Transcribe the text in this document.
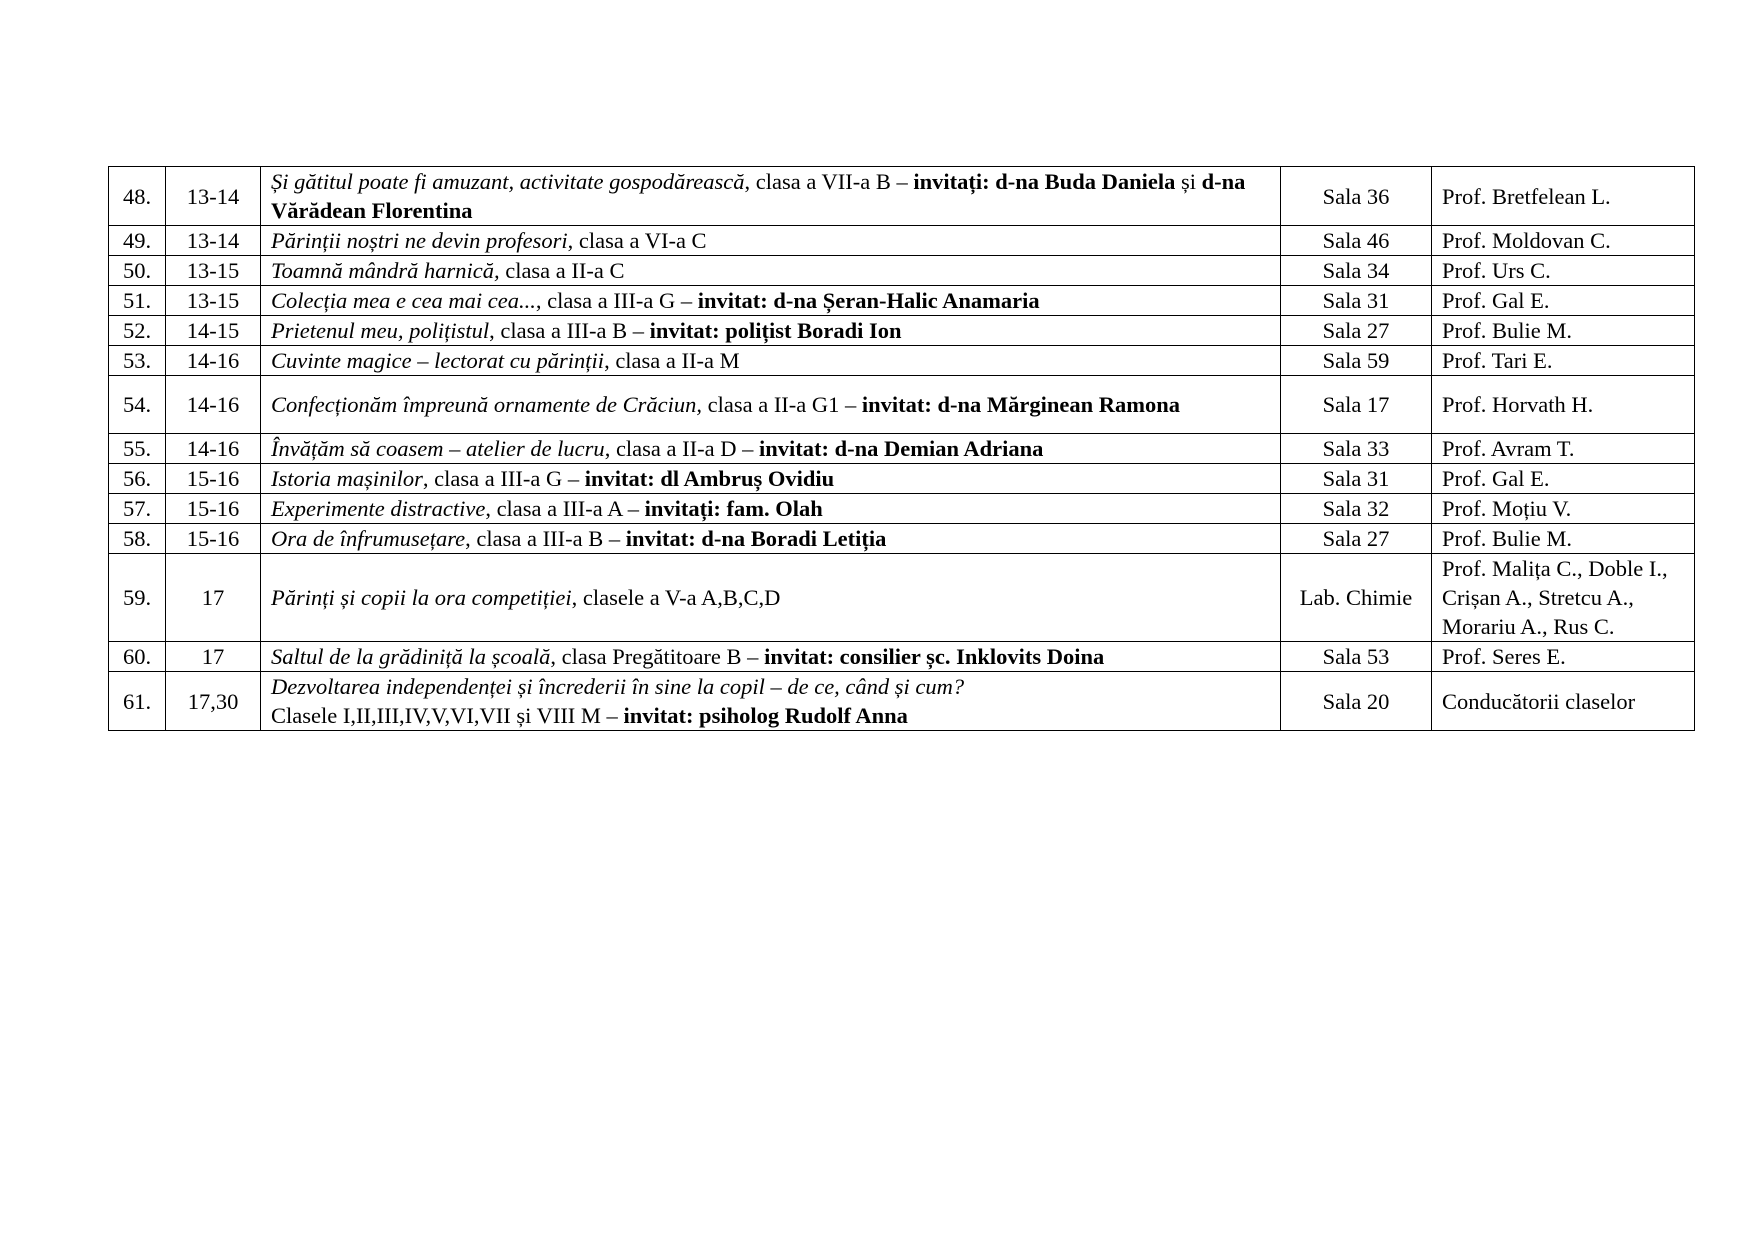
48.	13-14	Și gătitul poate fi amuzant, activitate gospodărească, clasa a VII-a B – invitați: d-na Buda Daniela și d-na Vărădean Florentina	Sala 36	Prof. Bretfelean L.
49.	13-14	Părinții noștri ne devin profesori, clasa a VI-a C	Sala 46	Prof. Moldovan C.
50.	13-15	Toamnă mândră harnică, clasa a II-a C	Sala 34	Prof. Urs C.
51.	13-15	Colecția mea e cea mai cea..., clasa a III-a G – invitat: d-na Șeran-Halic Anamaria	Sala 31	Prof. Gal E.
52.	14-15	Prietenul meu, polițistul, clasa a III-a B – invitat: polițist Boradi Ion	Sala 27	Prof. Bulie M.
53.	14-16	Cuvinte magice – lectorat cu părinții, clasa a II-a M	Sala 59	Prof. Tari E.
54.	14-16	Confecționăm împreună ornamente de Crăciun, clasa a II-a G1 – invitat: d-na Mărginean Ramona	Sala 17	Prof. Horvath H.
55.	14-16	Învățăm să coasem – atelier de lucru, clasa a II-a D – invitat: d-na Demian Adriana	Sala 33	Prof. Avram T.
56.	15-16	Istoria mașinilor, clasa a III-a G – invitat: dl Ambruș Ovidiu	Sala 31	Prof. Gal E.
57.	15-16	Experimente distractive, clasa a III-a A – invitați: fam. Olah	Sala 32	Prof. Moțiu V.
58.	15-16	Ora de înfrumusețare, clasa a III-a B – invitat: d-na Boradi Letiția	Sala 27	Prof. Bulie M.
59.	17	Părinți și copii la ora competiției, clasele a V-a A,B,C,D	Lab. Chimie	Prof. Malița C., Doble I., Crișan A., Stretcu A., Morariu A., Rus C.
60.	17	Saltul de la grădiniță la școală, clasa Pregătitoare B – invitat: consilier șc. Inklovits Doina	Sala 53	Prof. Seres E.
61.	17,30	Dezvoltarea independenței și încrederii în sine la copil – de ce, când și cum?
Clasele I,II,III,IV,V,VI,VII și VIII M – invitat: psiholog Rudolf Anna	Sala 20	Conducătorii claselor
